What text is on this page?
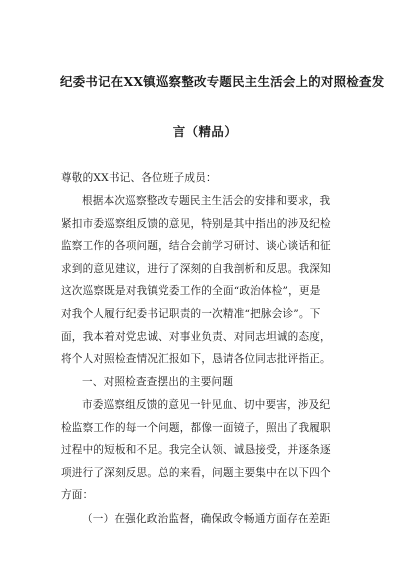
纪委书记在XX镇巡察整改专题民主生活会上的对照检查发
言（精品）
尊敬的XX书记、各位班子成员：
根据本次巡察整改专题民主生活会的安排和要求，我
紧扣市委巡察组反馈的意见，特别是其中指出的涉及纪检
监察工作的各项问题，结合会前学习研讨、谈心谈话和征
求到的意见建议，进行了深刻的自我剖析和反思。我深知
这次巡察既是对我镇党委工作的全面“政治体检”，更是
对我个人履行纪委书记职责的一次精准“把脉会诊”。下
面，我本着对党忠诚、对事业负责、对同志坦诚的态度，
将个人对照检查情况汇报如下，恳请各位同志批评指正。
一、对照检查查摆出的主要问题
市委巡察组反馈的意见一针见血、切中要害，涉及纪
检监察工作的每一个问题，都像一面镜子，照出了我履职
过程中的短板和不足。我完全认领、诚恳接受，并逐条逐
项进行了深刻反思。总的来看，问题主要集中在以下四个
方面：
（一）在强化政治监督，确保政令畅通方面存在差距
